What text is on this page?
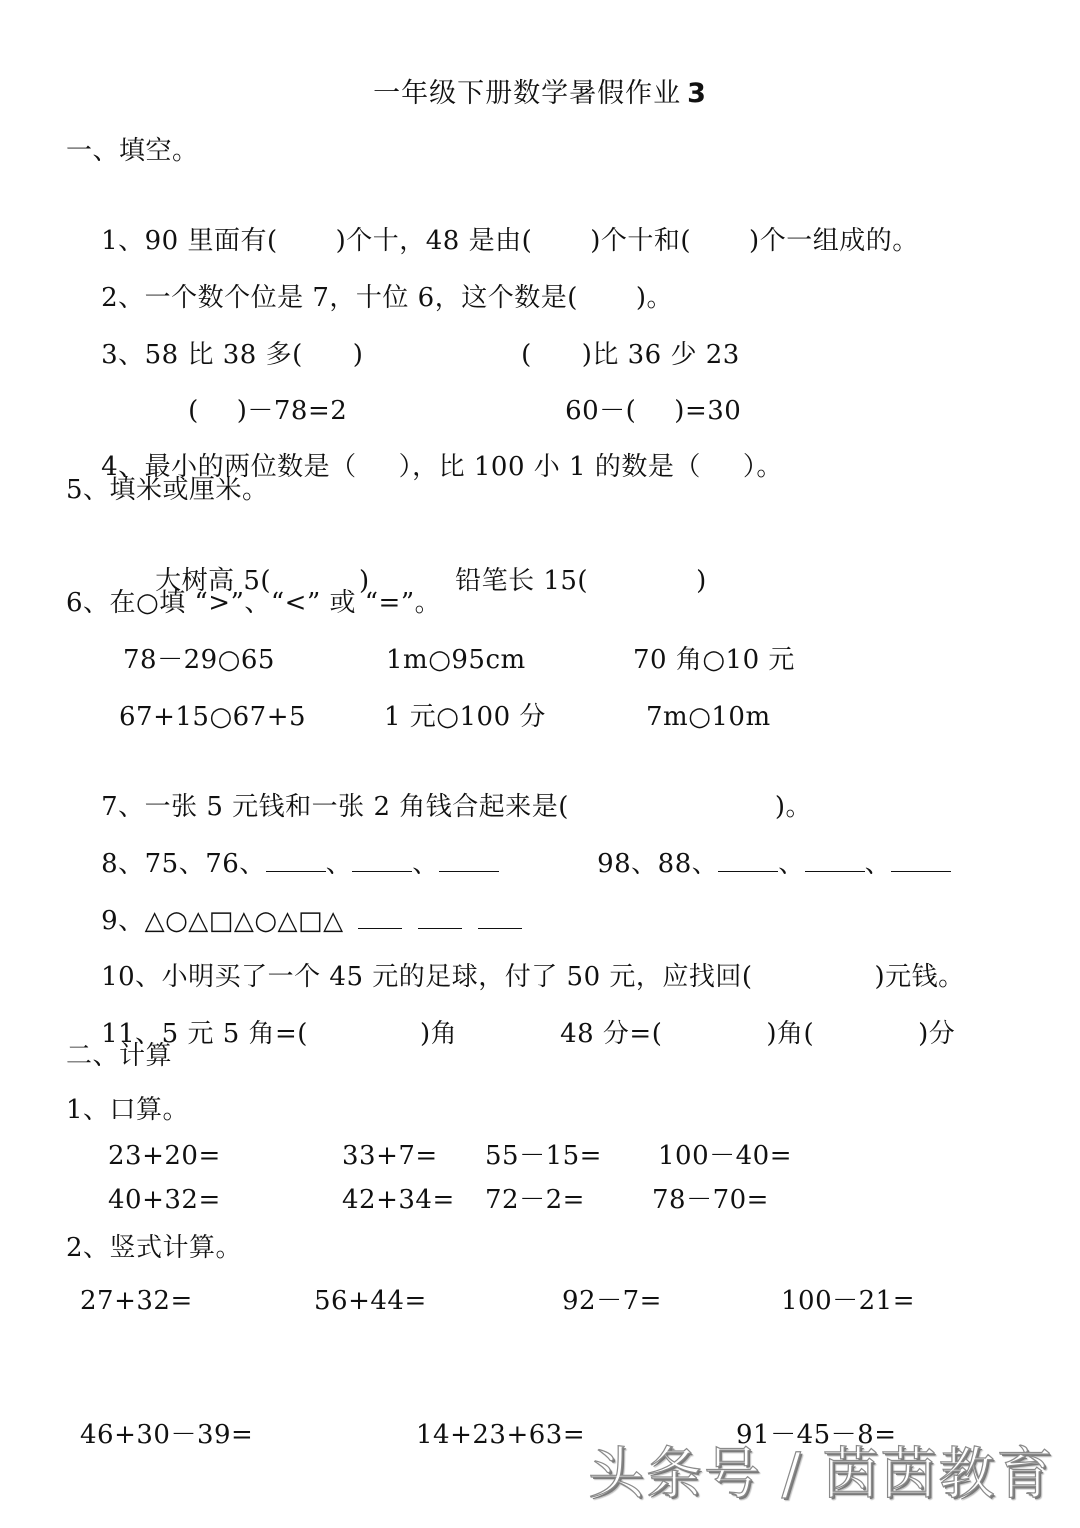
一年级下册数学暑假作业 3
一、填空。

1、90 里面有( )个十，48 是由( )个十和( )个一组成的。

2、一个数个位是 7，十位 6，这个数是( )。

3、58 比 38 多( )
	( )比 36 少 23

( )－78=2
	60－( )=30

4、最小的两位数是（ ），比 100 小 1 的数是（ ）。

5、填米或厘米。

大树高 5(	)
	铅笔长 15(	)

6、在○填 “>”、“<” 或 “=”。
78－29○65	1m○95cm	70 角○10 元
67+15○67+5	1 元○100 分	7m○10m

7、一张 5 元钱和一张 2 角钱合起来是(	)。

8、75、76、 、 、
	98、88、 、 、

9、△○△□△○△□△

10、小明买了一个 45 元的足球，付了 50 元，应找回(	)元钱。

11、5 元 5 角=(	)角
	48 分=(	)角(	)分

二、计算
1、口算。
23+20=	33+7= 55－15= 100－40=
40+32=	42+34= 72－2=	78－70=
2、竖式计算。
27+32=	56+44=	92－7=	100－21=
46+30－39=	14+23+63=	91－45－8=
头条号 / 茵茵教育
